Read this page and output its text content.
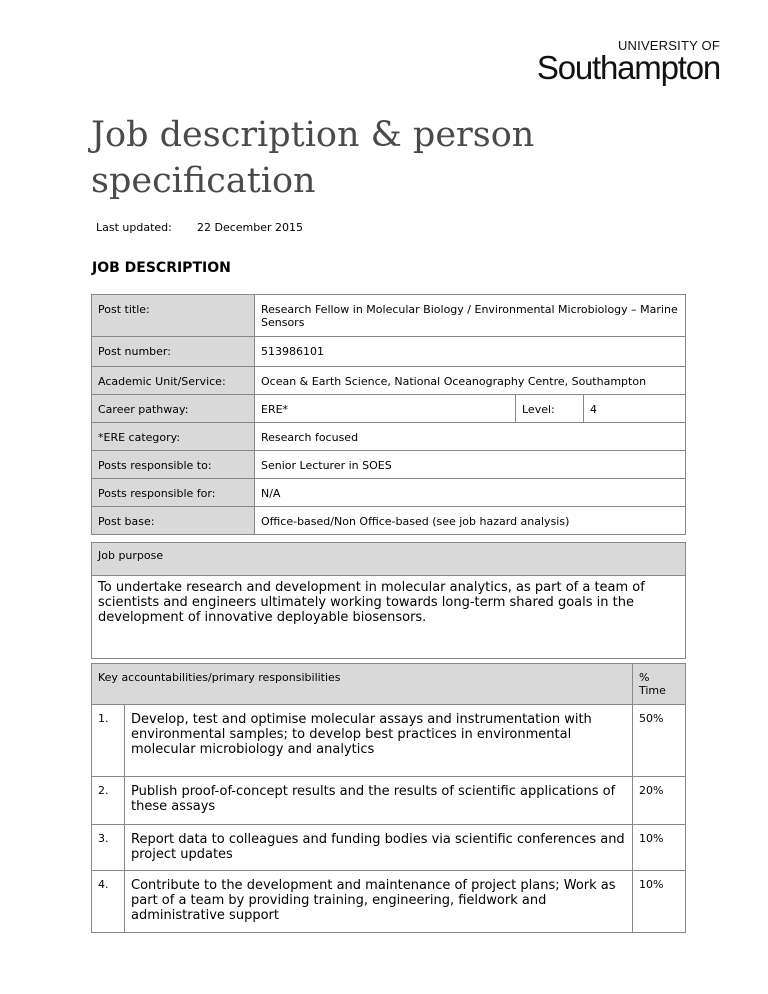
UNIVERSITY OF
Southampton
Job description & person specification
Last updated: 22 December 2015
JOB DESCRIPTION
Post title:	Research Fellow in Molecular Biology / Environmental Microbiology – Marine Sensors		
Post number:	513986101		
Academic Unit/Service:	Ocean & Earth Science, National Oceanography Centre, Southampton		
Career pathway:	ERE*	Level:	4
*ERE category:	Research focused		
Posts responsible to:	Senior Lecturer in SOES		
Posts responsible for:	N/A		
Post base:	Office-based/Non Office-based (see job hazard analysis)		
Job purpose
To undertake research and development in molecular analytics, as part of a team of scientists and engineers ultimately working towards long-term shared goals in the development of innovative deployable biosensors.
Key accountabilities/primary responsibilities		% Time
1.	Develop, test and optimise molecular assays and instrumentation with environmental samples; to develop best practices in environmental molecular microbiology and analytics	50%
2.	Publish proof-of-concept results and the results of scientific applications of these assays	20%
3.	Report data to colleagues and funding bodies via scientific conferences and project updates	10%
4.	Contribute to the development and maintenance of project plans; Work as part of a team by providing training, engineering, fieldwork and administrative support	10%
